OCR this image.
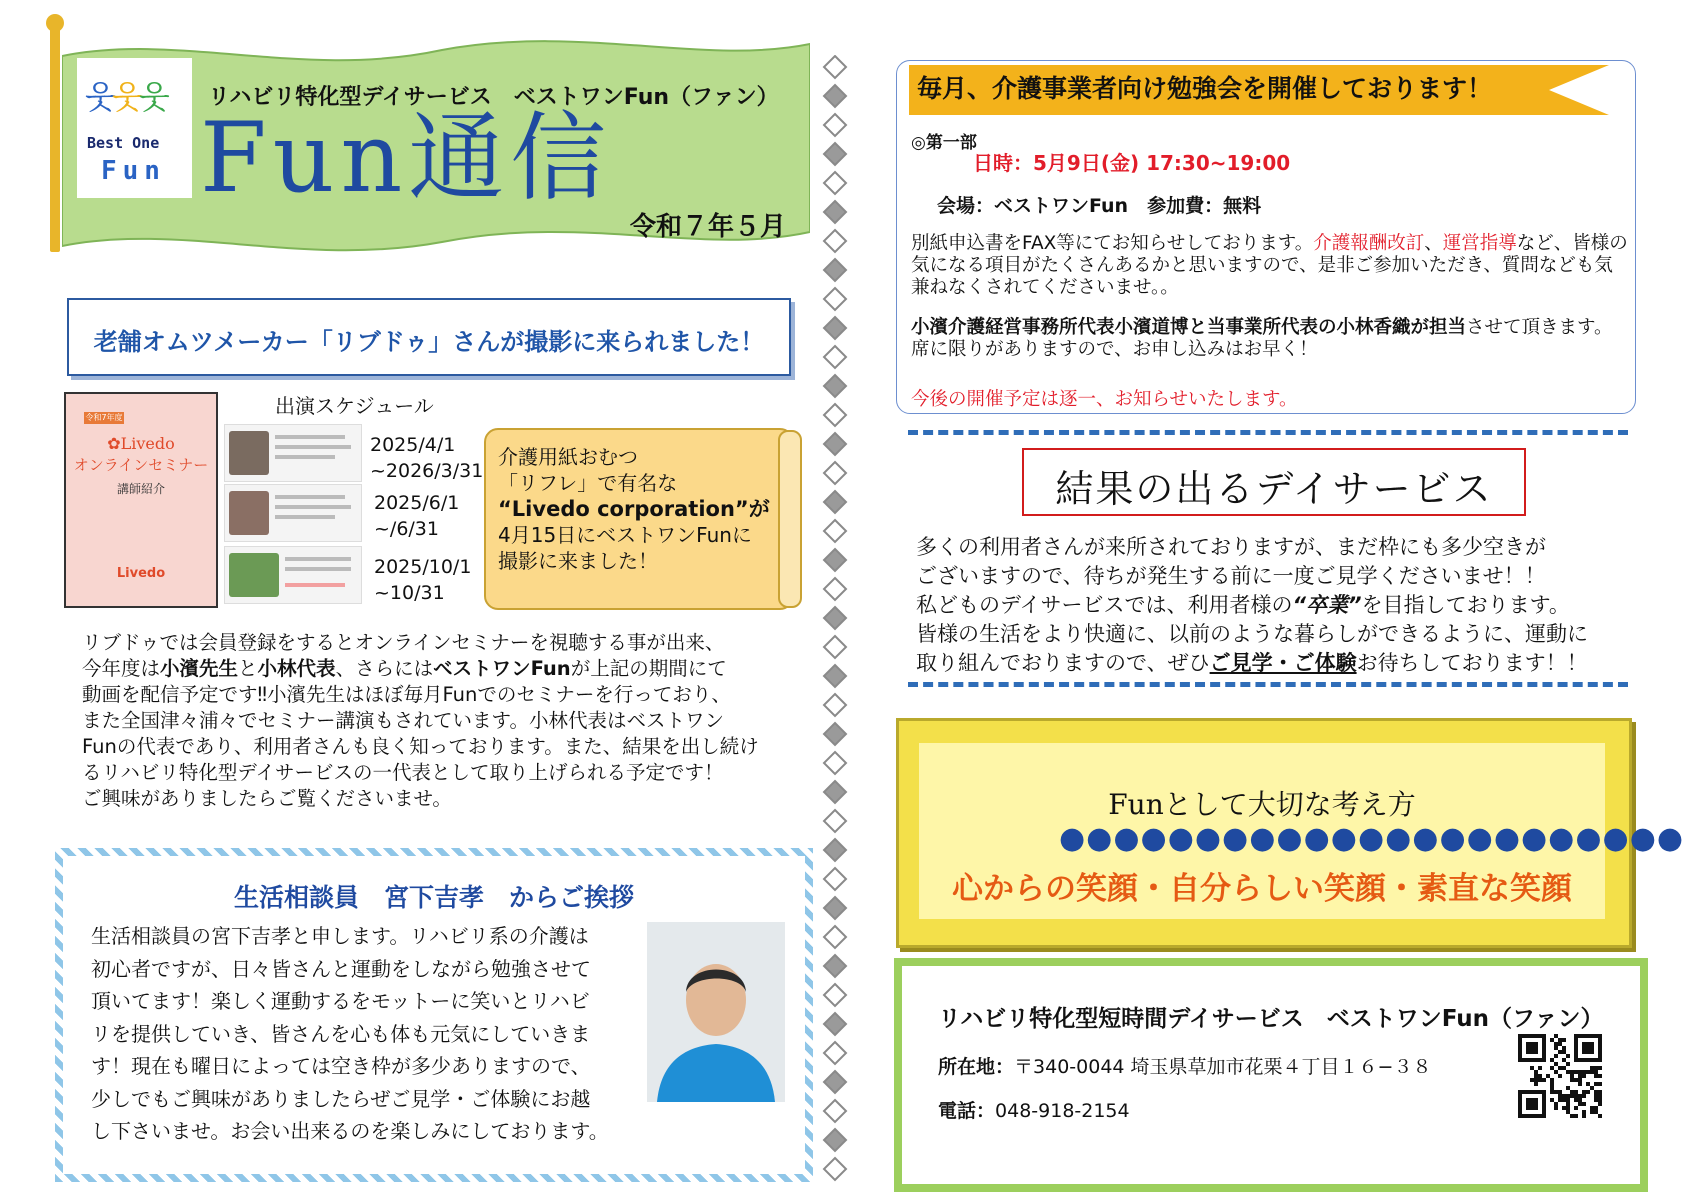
웃웃웃
Best One
Fun
リハビリ特化型デイサービス　ベストワンFun（ファン）
Fun通信
令和７年５月
老舗オムツメーカー「リブドゥ」さんが撮影に来られました！
令和7年度
✿Livedo
オンラインセミナー
講師紹介
Livedo
出演スケジュール
2025/4/1
~2026/3/31
2025/6/1
~/6/31
2025/10/1
~10/31
介護用紙おむつ
「リフレ」で有名な
“Livedo corporation”が
4月15日にベストワンFunに
撮影に来ました！
リブドゥでは会員登録をするとオンラインセミナーを視聴する事が出来、
今年度は小濱先生と小林代表、さらにはベストワンFunが上記の期間にて
動画を配信予定です‼小濱先生はほぼ毎月Funでのセミナーを行っており、
また全国津々浦々でセミナー講演もされています。小林代表はベストワン
Funの代表であり、利用者さんも良く知っております。また、結果を出し続け
るリハビリ特化型デイサービスの一代表として取り上げられる予定です！
ご興味がありましたらご覧くださいませ。
生活相談員　宮下吉孝　からご挨拶
生活相談員の宮下吉孝と申します。リハビリ系の介護は
初心者ですが、日々皆さんと運動をしながら勉強させて
頂いてます！楽しく運動するをモットーに笑いとリハビ
リを提供していき、皆さんを心も体も元気にしていきま
す！現在も曜日によっては空き枠が多少ありますので、
少しでもご興味がありましたらぜご見学・ご体験にお越
し下さいませ。お会い出来るのを楽しみにしております。
毎月、介護事業者向け勉強会を開催しております！
◎第一部
日時：5月9日(金) 17:30~19:00
会場：ベストワンFun　参加費：無料
別紙申込書をFAX等にてお知らせしております。介護報酬改訂、運営指導など、皆様の気になる項目がたくさんあるかと思いますので、是非ご参加いただき、質問なども気兼ねなくされてくださいませ。。
小濱介護経営事務所代表小濱道博と当事業所代表の小林香織が担当させて頂きます。席に限りがありますので、お申し込みはお早く！
今後の開催予定は逐一、お知らせいたします。
結果の出るデイサービス
多くの利用者さんが来所されておりますが、まだ枠にも多少空きが
ございますので、待ちが発生する前に一度ご見学くださいませ！！
私どものデイサービスでは、利用者様の“卒業”を目指しております。
皆様の生活をより快適に、以前のような暮らしができるように、運動に
取り組んでおりますので、ぜひご見学・ご体験お待ちしております！！
Funとして大切な考え方
●●●●●●●●●●●●●●●●●●●●●●●
心からの笑顔・自分らしい笑顔・素直な笑顔
リハビリ特化型短時間デイサービス　ベストワンFun（ファン）
所在地：〒340-0044 埼玉県草加市花栗４丁目１６−３８
電話：048-918-2154
